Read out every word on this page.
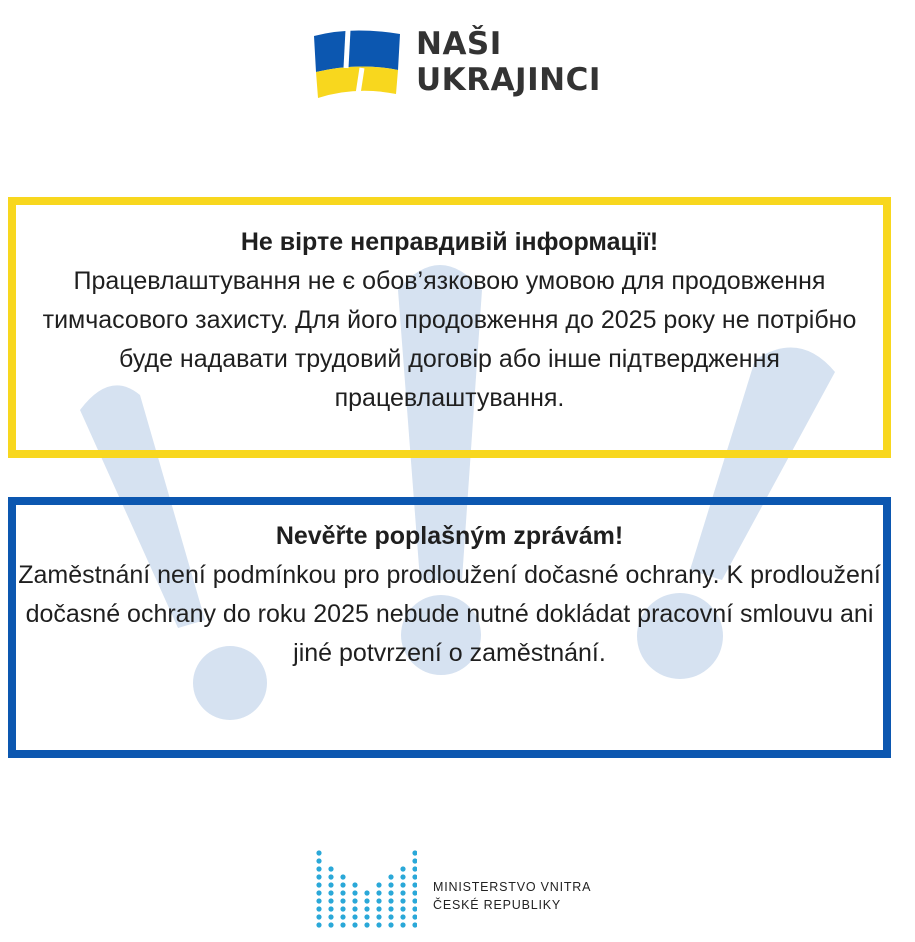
NAŠI
UKRAJINCI
Не вірте неправдивій інформації!
Працевлаштування не є обов’язковою умовою для продовження тимчасового захисту. Для його продовження до 2025 року не потрібно буде надавати трудовий договір або інше підтвердження працевлаштування.
Nevěřte poplašným zprávám!
Zaměstnání není podmínkou pro prodloužení dočasné ochrany. K prodloužení dočasné ochrany do roku 2025 nebude nutné dokládat pracovní smlouvu ani jiné potvrzení o zaměstnání.
MINISTERSTVO VNITRA
ČESKÉ REPUBLIKY
